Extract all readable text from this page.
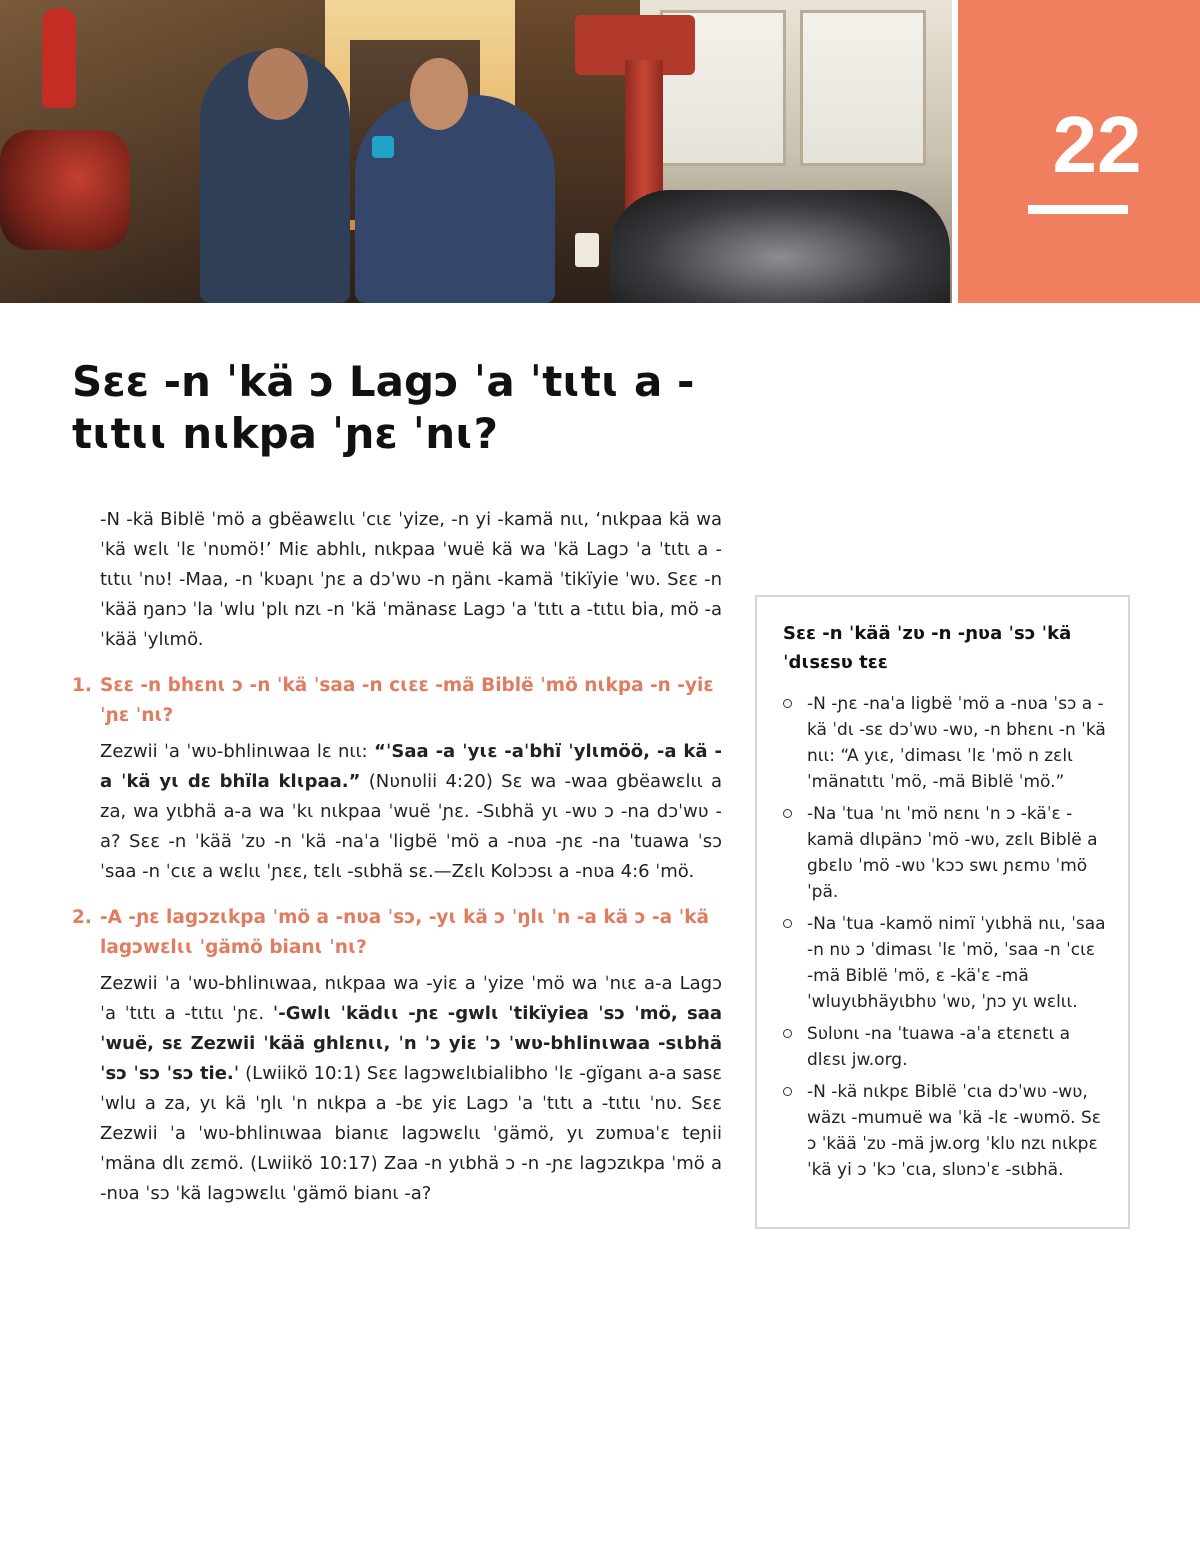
22
Sɛɛ -n ˈkä ɔ Lagɔ ˈa ˈtɩtɩ a -tɩtɩɩ nɩkpa ˈɲɛ ˈnɩ?

-N -kä Biblë ˈmö a gbëawɛlɩɩ ˈcɩɛ ˈyize, -n yi -kamä nɩɩ, ‘nɩkpaa kä wa ˈkä wɛlɩ ˈlɛ ˈnʋmö!’ Miɛ abhlɩ, nɩkpaa ˈwuë kä wa ˈkä Lagɔ ˈa ˈtɩtɩ a -tɩtɩɩ ˈnʋ! -Maa, -n ˈkʋaɲɩ ˈɲɛ a dɔˈwʋ -n ŋänɩ -kamä ˈtikïyie ˈwʋ. Sɛɛ -n ˈkää ŋanɔ ˈla ˈwlu ˈplɩ nzɩ -n ˈkä ˈmänasɛ Lagɔ ˈa ˈtɩtɩ a -tɩtɩɩ bia, mö -a ˈkää ˈylɩmö.

1. Sɛɛ -n bhɛnɩ ɔ -n ˈkä ˈsaa -n cɩɛɛ -mä Biblë ˈmö nɩkpa -n -yiɛ ˈɲɛ ˈnɩ?

Zezwii ˈa ˈwʋ-bhlinɩwaa lɛ nɩɩ: “ˈSaa -a ˈyɩɛ -aˈbhï ˈylɩmöö, -a kä -a ˈkä yɩ dɛ bhïla klɩpaa.” (Nʋnʋlii 4:20) Sɛ wa -waa gbëawɛlɩɩ a za, wa yɩbhä a-a wa ˈkɩ nɩkpaa ˈwuë ˈɲɛ. -Sɩbhä yɩ -wʋ ɔ -na dɔˈwʋ -a? Sɛɛ -n ˈkää ˈzʋ -n ˈkä -naˈa ˈligbë ˈmö a -nʋa -ɲɛ -na ˈtuawa ˈsɔ ˈsaa -n ˈcɩɛ a wɛlɩɩ ˈɲɛɛ, tɛlɩ -sɩbhä sɛ.—Zɛlɩ Kolɔɔsɩ a -nʋa 4:6 ˈmö.

2. -A -ɲɛ lagɔzɩkpa ˈmö a -nʋa ˈsɔ, -yɩ kä ɔ ˈŋlɩ ˈn -a kä ɔ -a ˈkä lagɔwɛlɩɩ ˈgämö bianɩ ˈnɩ?

Zezwii ˈa ˈwʋ-bhlinɩwaa, nɩkpaa wa -yiɛ a ˈyize ˈmö wa ˈnɩɛ a-a Lagɔ ˈa ˈtɩtɩ a -tɩtɩɩ ˈɲɛ. ˈ-Gwlɩ ˈkädɩɩ -ɲɛ -gwlɩ ˈtikïyiea ˈsɔ ˈmö, saa ˈwuë, sɛ Zezwii ˈkää ghlɛnɩɩ, ˈn ˈɔ yiɛ ˈɔ ˈwʋ-bhlinɩwaa -sɩbhä ˈsɔ ˈsɔ ˈsɔ tie.ˈ (Lwiikö 10:1) Sɛɛ lagɔwɛlɩbialibho ˈlɛ -gïganɩ a-a sasɛ ˈwlu a za, yɩ kä ˈŋlɩ ˈn nɩkpa a -bɛ yiɛ Lagɔ ˈa ˈtɩtɩ a -tɩtɩɩ ˈnʋ. Sɛɛ Zezwii ˈa ˈwʋ-bhlinɩwaa bianɩɛ lagɔwɛlɩɩ ˈgämö, yɩ zʋmʋaˈɛ teɲii ˈmäna dlɩ zɛmö. (Lwiikö 10:17) Zaa -n yɩbhä ɔ -n -ɲɛ lagɔzɩkpa ˈmö a -nʋa ˈsɔ ˈkä lagɔwɛlɩɩ ˈgämö bianɩ -a?

Sɛɛ -n ˈkää ˈzʋ -n -ɲʋa ˈsɔ ˈkä ˈdɩsɛsʋ tɛɛ
-N -ɲɛ -naˈa ligbë ˈmö a -nʋa ˈsɔ a -kä ˈdɩ -sɛ dɔˈwʋ -wʋ, -n bhɛnɩ -n ˈkä nɩɩ: “A yɩɛ, ˈdimasɩ ˈlɛ ˈmö n zɛlɩ ˈmänatɩtɩ ˈmö, -mä Biblë ˈmö.”
-Na ˈtua ˈnɩ ˈmö nɛnɩ ˈn ɔ -käˈɛ -kamä dlɩpänɔ ˈmö -wʋ, zɛlɩ Biblë a gbɛlʋ ˈmö -wʋ ˈkɔɔ swɩ ɲɛmʋ ˈmö ˈpä.
-Na ˈtua -kamö nimï ˈyɩbhä nɩɩ, ˈsaa -n nʋ ɔ ˈdimasɩ ˈlɛ ˈmö, ˈsaa -n ˈcɩɛ -mä Biblë ˈmö, ɛ -käˈɛ -mä ˈwluyɩbhäyɩbhʋ ˈwʋ, ˈɲɔ yɩ wɛlɩɩ.
Sʋlʋnɩ -na ˈtuawa -aˈa ɛtɛnɛtɩ a dlɛsɩ jw.org.
-N -kä nɩkpɛ Biblë ˈcɩa dɔˈwʋ -wʋ, wäzɩ -mumuë wa ˈkä -lɛ -wʋmö. Sɛ ɔ ˈkää ˈzʋ -mä jw.org ˈklʋ nzɩ nɩkpɛ ˈkä yi ɔ ˈkɔ ˈcɩa, slʋnɔˈɛ -sɩbhä.
